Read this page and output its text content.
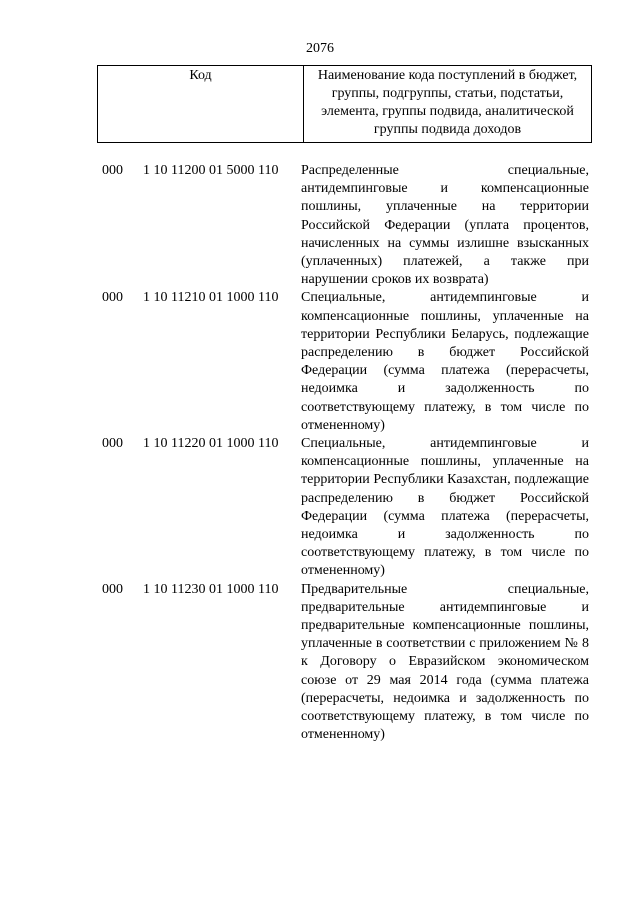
2076
Код	Наименование кода поступлений в бюджет, группы, подгруппы, статьи, подстатьи, элемента, группы подвида, аналитической группы подвида доходов
000 1 10 11200 01 5000 110 Распределенные специальные, антидемпинговые и компенсационные пошлины, уплаченные на территории Российской Федерации (уплата процентов, начисленных на суммы излишне взысканных (уплаченных) платежей, а также при нарушении сроков их возврата)
000 1 10 11210 01 1000 110 Специальные, антидемпинговые и компенсационные пошлины, уплаченные на территории Республики Беларусь, подлежащие распределению в бюджет Российской Федерации (сумма платежа (перерасчеты, недоимка и задолженность по соответствующему платежу, в том числе по отмененному)
000 1 10 11220 01 1000 110 Специальные, антидемпинговые и компенсационные пошлины, уплаченные на территории Республики Казахстан, подлежащие распределению в бюджет Российской Федерации (сумма платежа (перерасчеты, недоимка и задолженность по соответствующему платежу, в том числе по отмененному)
000 1 10 11230 01 1000 110 Предварительные специальные, предварительные антидемпинговые и предварительные компенсационные пошлины, уплаченные в соответствии с приложением № 8 к Договору о Евразийском экономическом союзе от 29 мая 2014 года (сумма платежа (перерасчеты, недоимка и задолженность по соответствующему платежу, в том числе по отмененному)
